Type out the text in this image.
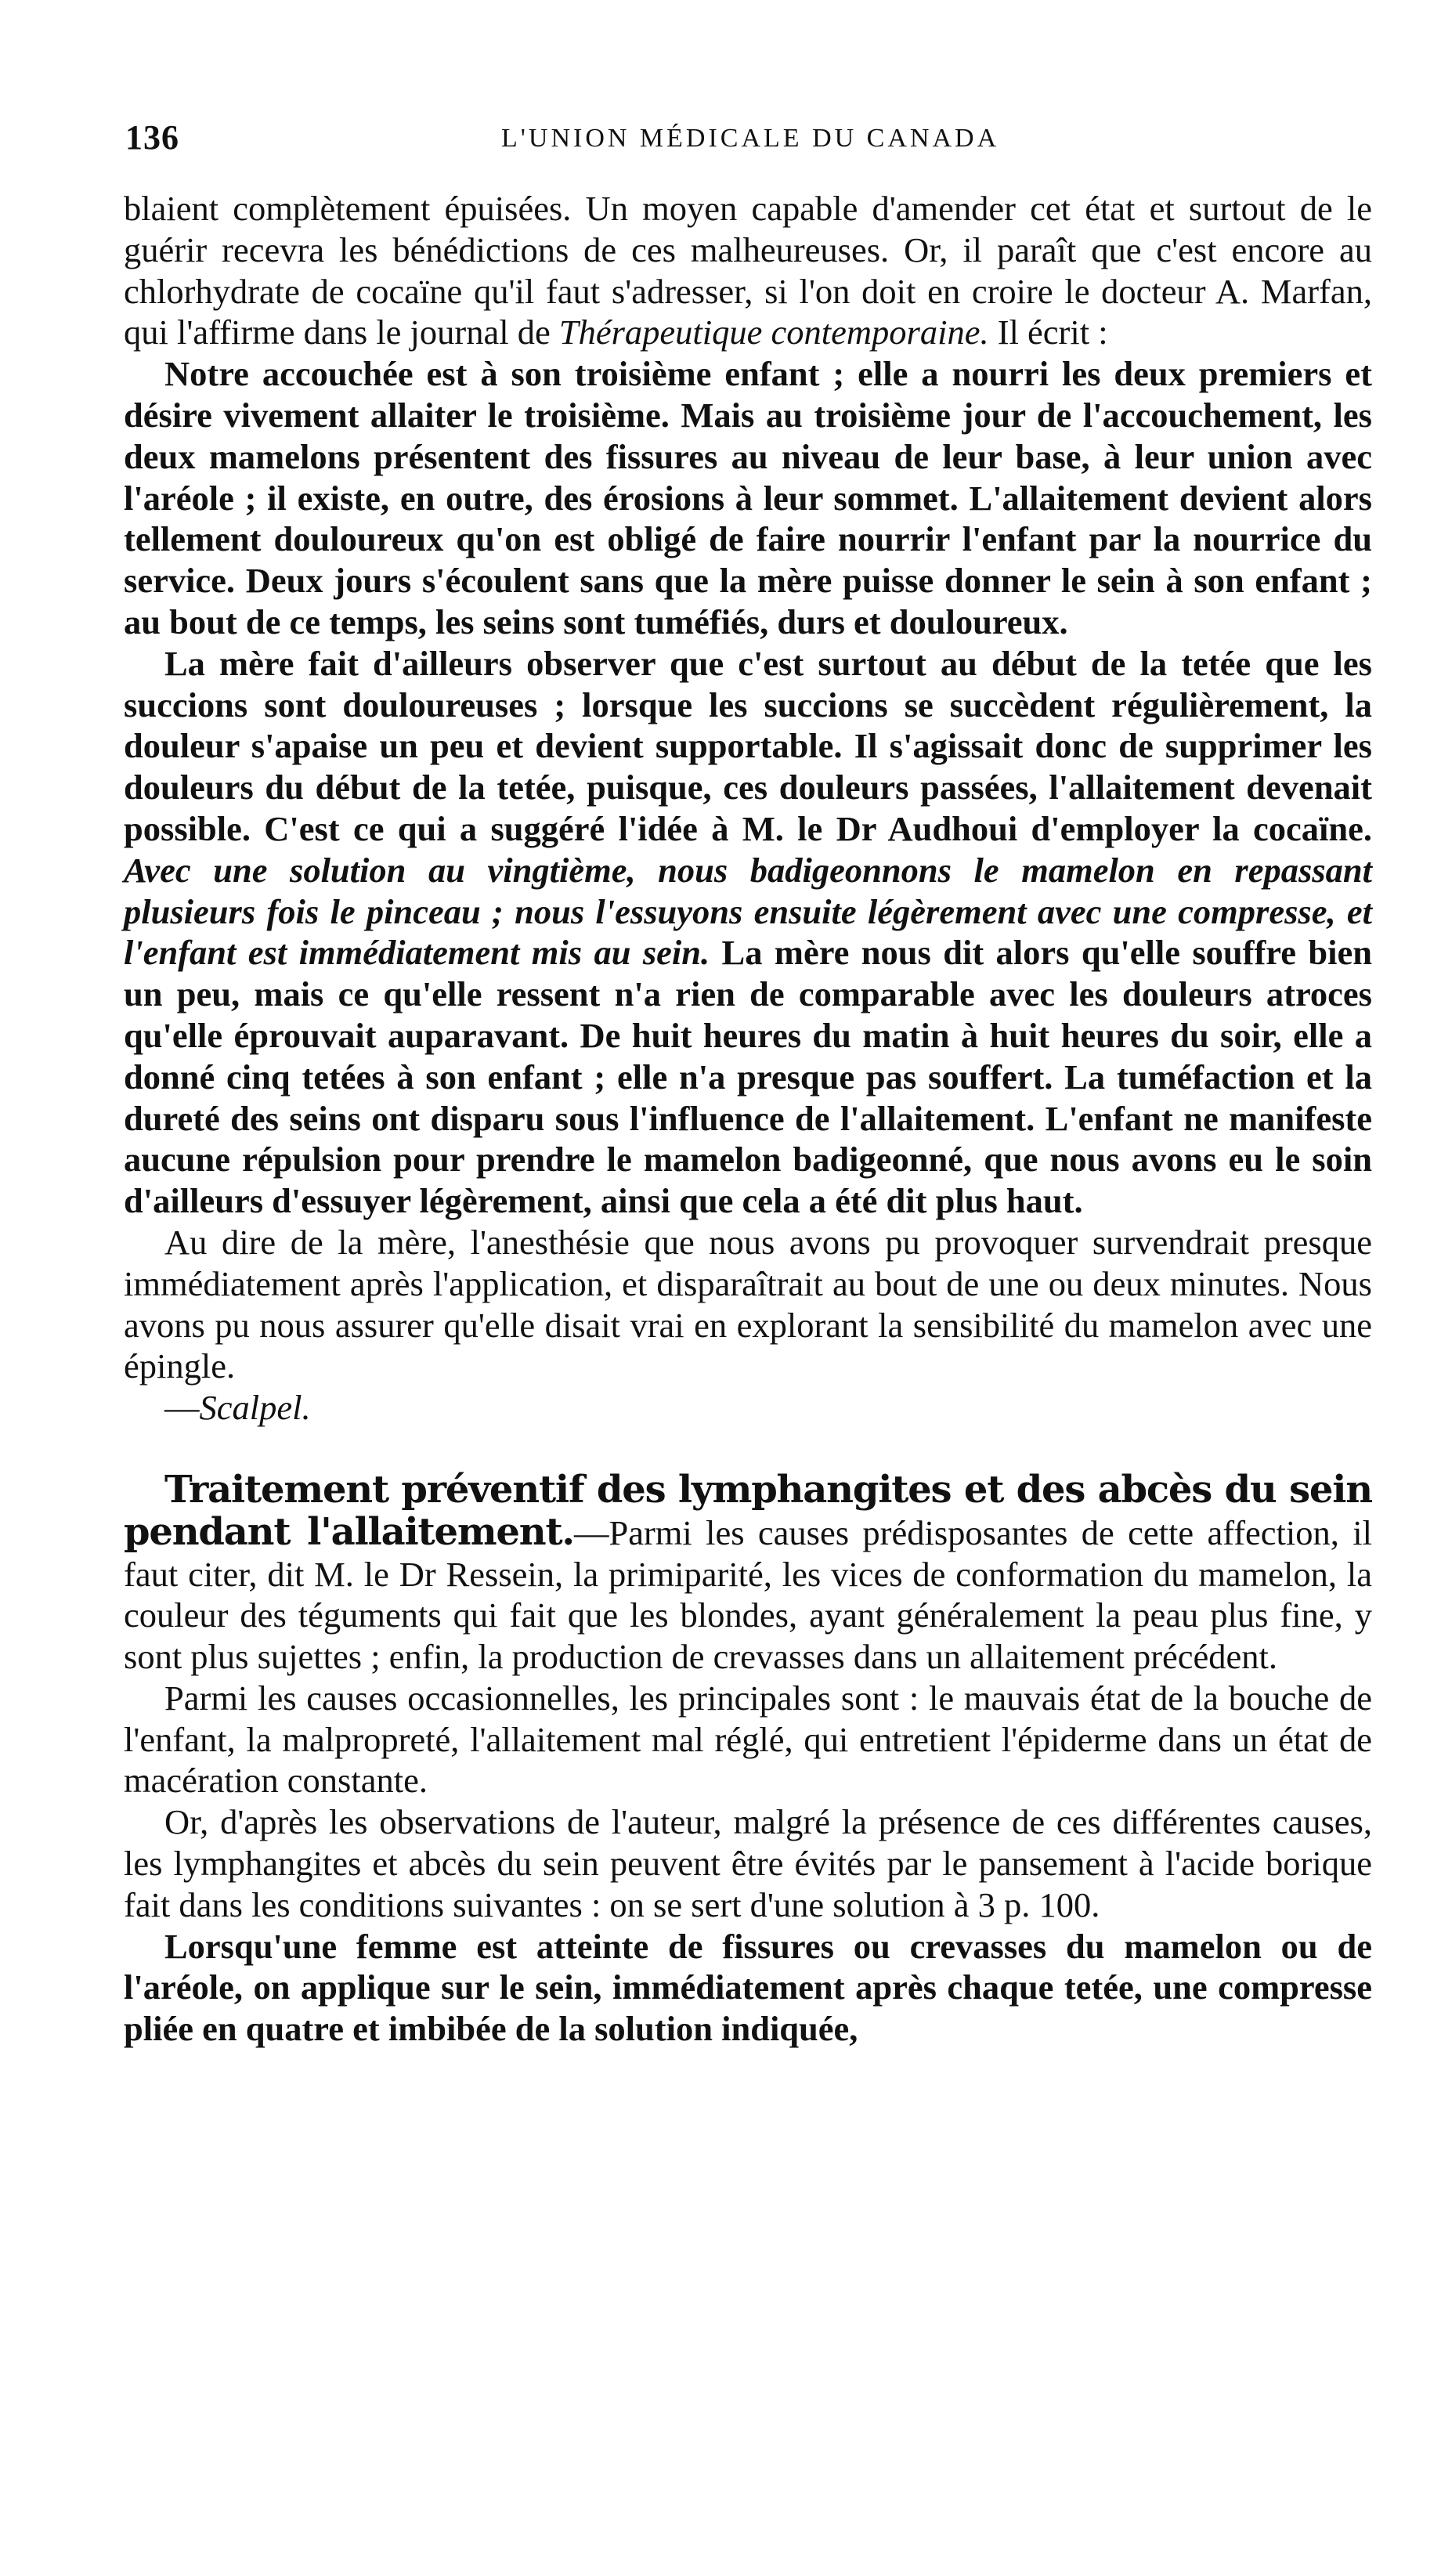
136	L'UNION MÉDICALE DU CANADA

blaient complètement épuisées. Un moyen capable d'amender cet état et surtout de le guérir recevra les bénédictions de ces malheureuses. Or, il paraît que c'est encore au chlorhydrate de cocaïne qu'il faut s'adresser, si l'on doit en croire le docteur A. Marfan, qui l'affirme dans le journal de Thérapeutique contemporaine. Il écrit :

Notre accouchée est à son troisième enfant ; elle a nourri les deux premiers et désire vivement allaiter le troisième. Mais au troisième jour de l'accouchement, les deux mamelons présentent des fissures au niveau de leur base, à leur union avec l'aréole ; il existe, en outre, des érosions à leur sommet. L'allaitement devient alors tellement douloureux qu'on est obligé de faire nourrir l'enfant par la nourrice du service. Deux jours s'écoulent sans que la mère puisse donner le sein à son enfant ; au bout de ce temps, les seins sont tuméfiés, durs et douloureux.

La mère fait d'ailleurs observer que c'est surtout au début de la tetée que les succions sont douloureuses ; lorsque les succions se succèdent régulièrement, la douleur s'apaise un peu et devient supportable. Il s'agissait donc de supprimer les douleurs du début de la tetée, puisque, ces douleurs passées, l'allaitement devenait possible. C'est ce qui a suggéré l'idée à M. le Dr Audhoui d'employer la cocaïne. Avec une solution au vingtième, nous badigeonnons le mamelon en repassant plusieurs fois le pinceau ; nous l'essuyons ensuite légèrement avec une compresse, et l'enfant est immédiatement mis au sein. La mère nous dit alors qu'elle souffre bien un peu, mais ce qu'elle ressent n'a rien de comparable avec les douleurs atroces qu'elle éprouvait auparavant. De huit heures du matin à huit heures du soir, elle a donné cinq tetées à son enfant ; elle n'a presque pas souffert. La tuméfaction et la dureté des seins ont disparu sous l'influence de l'allaitement. L'enfant ne manifeste aucune répulsion pour prendre le mamelon badigeonné, que nous avons eu le soin d'ailleurs d'essuyer légèrement, ainsi que cela a été dit plus haut.

Au dire de la mère, l'anesthésie que nous avons pu provoquer survendrait presque immédiatement après l'application, et disparaîtrait au bout de une ou deux minutes. Nous avons pu nous assurer qu'elle disait vrai en explorant la sensibilité du mamelon avec une épingle.

—Scalpel.

Traitement préventif des lymphangites et des abcès du sein pendant l'allaitement.—Parmi les causes prédisposantes de cette affection, il faut citer, dit M. le Dr Ressein, la primiparité, les vices de conformation du mamelon, la couleur des téguments qui fait que les blondes, ayant généralement la peau plus fine, y sont plus sujettes ; enfin, la production de crevasses dans un allaitement précédent.

Parmi les causes occasionnelles, les principales sont : le mauvais état de la bouche de l'enfant, la malpropreté, l'allaitement mal réglé, qui entretient l'épiderme dans un état de macération constante.

Or, d'après les observations de l'auteur, malgré la présence de ces différentes causes, les lymphangites et abcès du sein peuvent être évités par le pansement à l'acide borique fait dans les conditions suivantes : on se sert d'une solution à 3 p. 100.

Lorsqu'une femme est atteinte de fissures ou crevasses du mamelon ou de l'aréole, on applique sur le sein, immédiatement après chaque tetée, une compresse pliée en quatre et imbibée de la solution indiquée,
